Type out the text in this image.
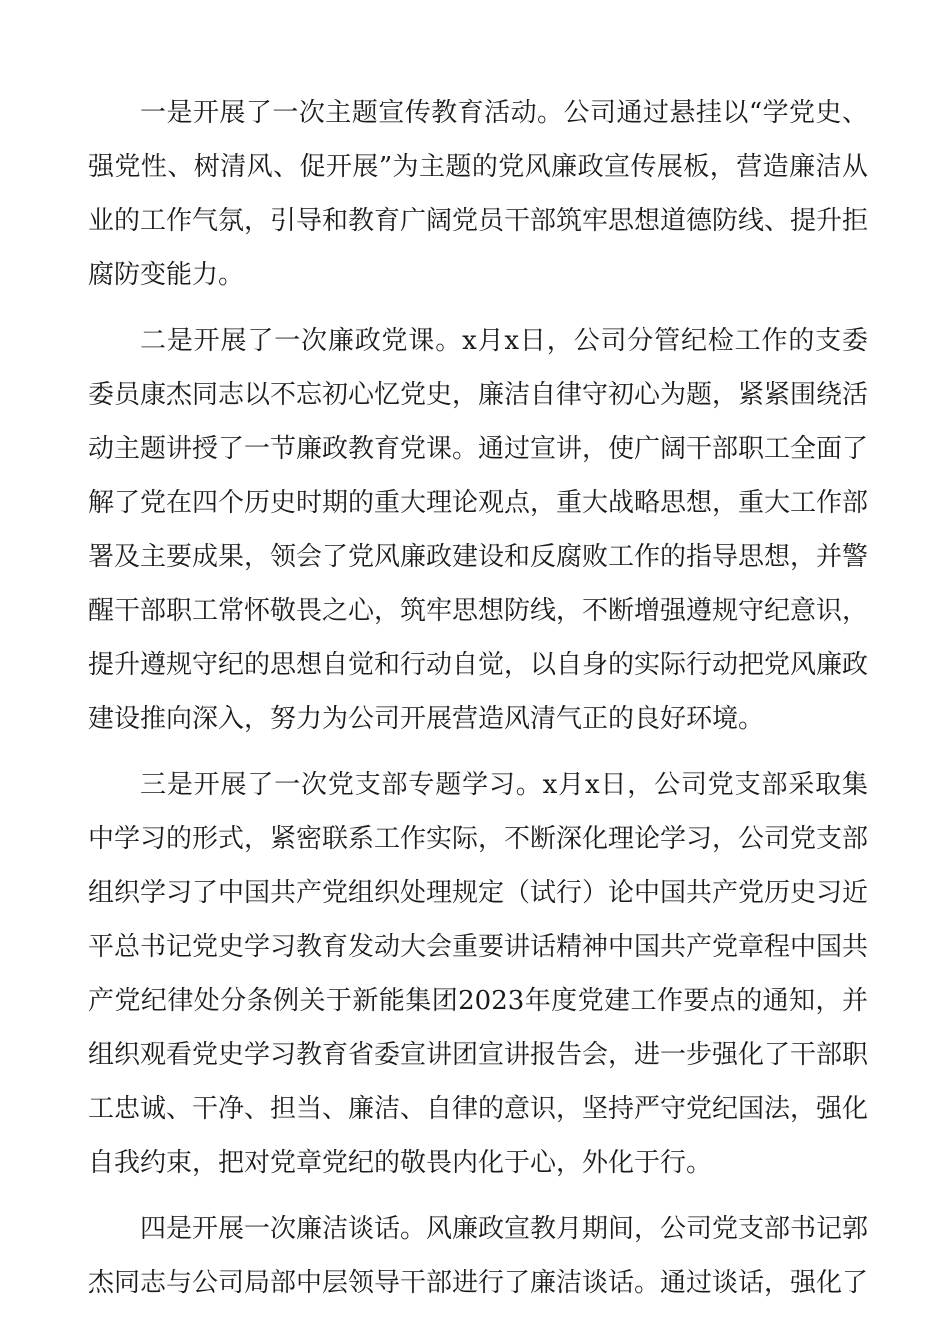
一是开展了一次主题宣传教育活动。公司通过悬挂以“学党史、
强党性、树清风、促开展”为主题的党风廉政宣传展板，营造廉洁从
业的工作气氛，引导和教育广阔党员干部筑牢思想道德防线、提升拒
腐防变能力。
二是开展了一次廉政党课。x月x日，公司分管纪检工作的支委
委员康杰同志以不忘初心忆党史，廉洁自律守初心为题，紧紧围绕活
动主题讲授了一节廉政教育党课。通过宣讲，使广阔干部职工全面了
解了党在四个历史时期的重大理论观点，重大战略思想，重大工作部
署及主要成果，领会了党风廉政建设和反腐败工作的指导思想，并警
醒干部职工常怀敬畏之心，筑牢思想防线，不断增强遵规守纪意识，
提升遵规守纪的思想自觉和行动自觉，以自身的实际行动把党风廉政
建设推向深入，努力为公司开展营造风清气正的良好环境。
三是开展了一次党支部专题学习。x月x日，公司党支部采取集
中学习的形式，紧密联系工作实际，不断深化理论学习，公司党支部
组织学习了中国共产党组织处理规定（试行）论中国共产党历史习近
平总书记党史学习教育发动大会重要讲话精神中国共产党章程中国共
产党纪律处分条例关于新能集团2023年度党建工作要点的通知，并
组织观看党史学习教育省委宣讲团宣讲报告会，进一步强化了干部职
工忠诚、干净、担当、廉洁、自律的意识，坚持严守党纪国法，强化
自我约束，把对党章党纪的敬畏内化于心，外化于行。
四是开展一次廉洁谈话。风廉政宣教月期间，公司党支部书记郭
杰同志与公司局部中层领导干部进行了廉洁谈话。通过谈话，强化了
